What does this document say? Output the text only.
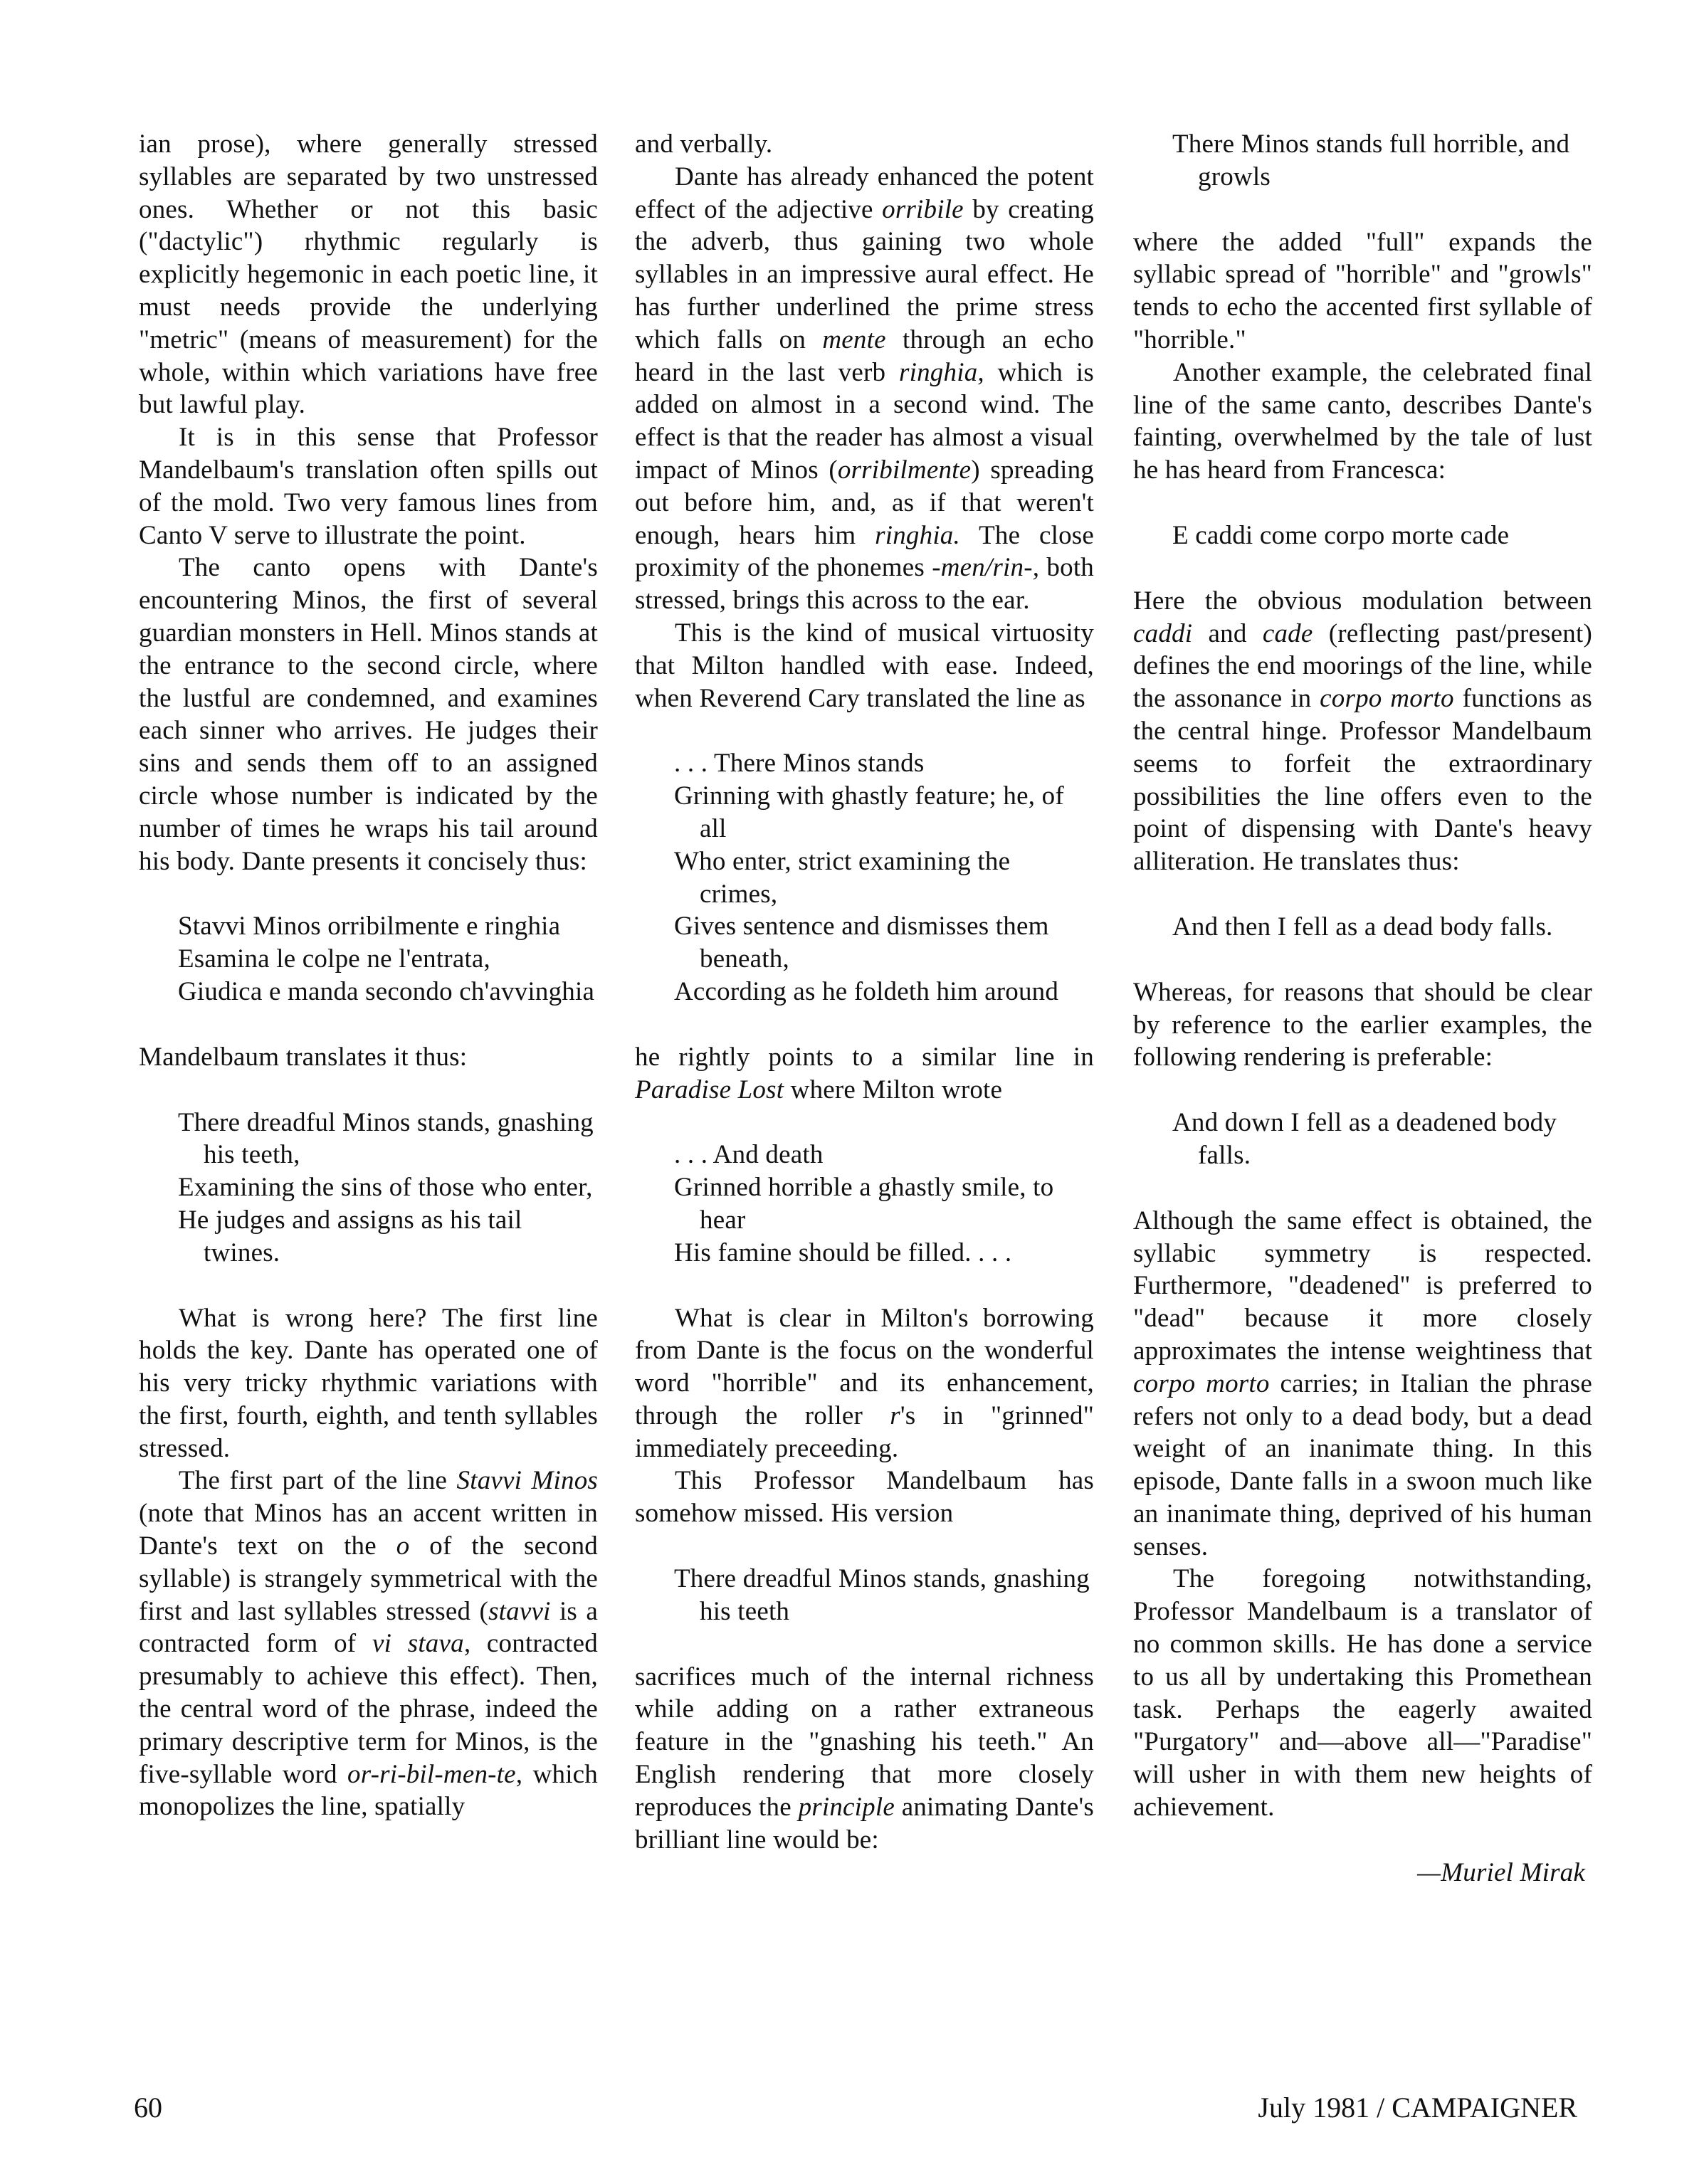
ian prose), where generally stressed syllables are separated by two unstressed ones. Whether or not this basic ("dactylic") rhythmic regularly is explicitly hegemonic in each poetic line, it must needs provide the underlying "metric" (means of measurement) for the whole, within which variations have free but lawful play.

It is in this sense that Professor Mandelbaum's translation often spills out of the mold. Two very famous lines from Canto V serve to illustrate the point.

The canto opens with Dante's encountering Minos, the first of several guardian monsters in Hell. Minos stands at the entrance to the second circle, where the lustful are condemned, and examines each sinner who arrives. He judges their sins and sends them off to an assigned circle whose number is indicated by the number of times he wraps his tail around his body. Dante presents it concisely thus:

Stavvi Minos orribilmente e ringhia
Esamina le colpe ne l'entrata,
Giudica e manda secondo ch'avvinghia

Mandelbaum translates it thus:

There dreadful Minos stands, gnashing his teeth,
Examining the sins of those who enter,
He judges and assigns as his tail twines.

What is wrong here? The first line holds the key. Dante has operated one of his very tricky rhythmic variations with the first, fourth, eighth, and tenth syllables stressed.

The first part of the line Stavvi Minos (note that Minos has an accent written in Dante's text on the o of the second syllable) is strangely symmetrical with the first and last syllables stressed (stavvi is a contracted form of vi stava, contracted presumably to achieve this effect). Then, the central word of the phrase, indeed the primary descriptive term for Minos, is the five-syllable word or-ri-bil-men-te, which monopolizes the line, spatially

and verbally.

Dante has already enhanced the potent effect of the adjective orribile by creating the adverb, thus gaining two whole syllables in an impressive aural effect. He has further underlined the prime stress which falls on mente through an echo heard in the last verb ringhia, which is added on almost in a second wind. The effect is that the reader has almost a visual impact of Minos (orribilmente) spreading out before him, and, as if that weren't enough, hears him ringhia. The close proximity of the phonemes -men/rin-, both stressed, brings this across to the ear.

This is the kind of musical virtuosity that Milton handled with ease. Indeed, when Reverend Cary translated the line as

. . . There Minos stands
Grinning with ghastly feature; he, of all
Who enter, strict examining the crimes,
Gives sentence and dismisses them beneath,
According as he foldeth him around

he rightly points to a similar line in Paradise Lost where Milton wrote

. . . And death
Grinned horrible a ghastly smile, to hear
His famine should be filled. . . .

What is clear in Milton's borrowing from Dante is the focus on the wonderful word "horrible" and its enhancement, through the roller r's in "grinned" immediately preceeding.

This Professor Mandelbaum has somehow missed. His version

There dreadful Minos stands, gnashing his teeth

sacrifices much of the internal richness while adding on a rather extraneous feature in the "gnashing his teeth." An English rendering that more closely reproduces the principle animating Dante's brilliant line would be:

There Minos stands full horrible, and growls

where the added "full" expands the syllabic spread of "horrible" and "growls" tends to echo the accented first syllable of "horrible."

Another example, the celebrated final line of the same canto, describes Dante's fainting, overwhelmed by the tale of lust he has heard from Francesca:

E caddi come corpo morte cade

Here the obvious modulation between caddi and cade (reflecting past/present) defines the end moorings of the line, while the assonance in corpo morto functions as the central hinge. Professor Mandelbaum seems to forfeit the extraordinary possibilities the line offers even to the point of dispensing with Dante's heavy alliteration. He translates thus:

And then I fell as a dead body falls.

Whereas, for reasons that should be clear by reference to the earlier examples, the following rendering is preferable:

And down I fell as a deadened body falls.

Although the same effect is obtained, the syllabic symmetry is respected. Furthermore, "deadened" is preferred to "dead" because it more closely approximates the intense weightiness that corpo morto carries; in Italian the phrase refers not only to a dead body, but a dead weight of an inanimate thing. In this episode, Dante falls in a swoon much like an inanimate thing, deprived of his human senses.

The foregoing notwithstanding, Professor Mandelbaum is a translator of no common skills. He has done a service to us all by undertaking this Promethean task. Perhaps the eagerly awaited "Purgatory" and—above all—"Paradise" will usher in with them new heights of achievement.

—Muriel Mirak
60	July 1981 / CAMPAIGNER
